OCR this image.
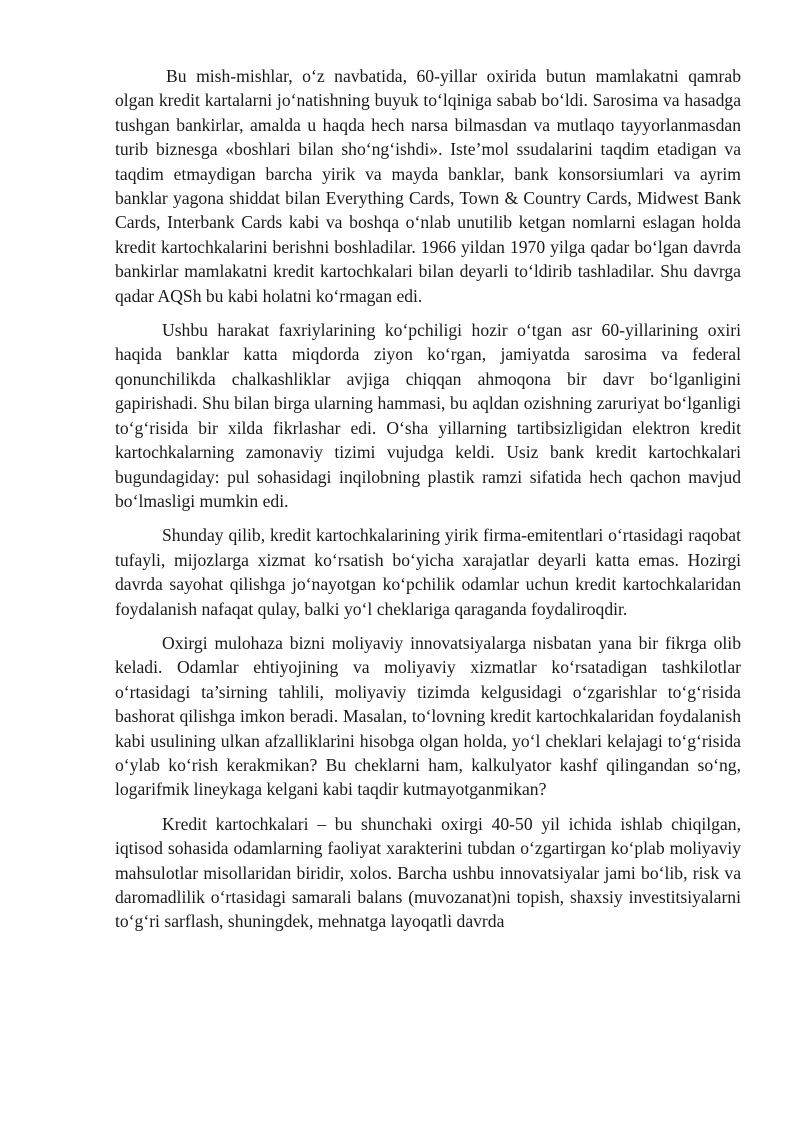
Bu mish-mishlar, o‘z navbatida, 60-yillar oxirida butun mamlakatni qamrab olgan kredit kartalarni jo‘natishning buyuk to‘lqiniga sabab bo‘ldi. Sarosima va hasadga tushgan bankirlar, amalda u haqda hech narsa bilmasdan va mutlaqo tayyorlanmasdan turib biznesga «boshlari bilan sho‘ng‘ishdi». Iste’mol ssudalarini taqdim etadigan va taqdim etmaydigan barcha yirik va mayda banklar, bank konsorsiumlari va ayrim banklar yagona shiddat bilan Everything Cards, Town & Country Cards, Midwest Bank Cards, Interbank Cards kabi va boshqa o‘nlab unutilib ketgan nomlarni eslagan holda kredit kartochkalarini berishni boshladilar. 1966 yildan 1970 yilga qadar bo‘lgan davrda bankirlar mamlakatni kredit kartochkalari bilan deyarli to‘ldirib tashladilar. Shu davrga qadar AQSh bu kabi holatni ko‘rmagan edi.

Ushbu harakat faxriylarining ko‘pchiligi hozir o‘tgan asr 60-yillarining oxiri haqida banklar katta miqdorda ziyon ko‘rgan, jamiyatda sarosima va federal qonunchilikda chalkashliklar avjiga chiqqan ahmoqona bir davr bo‘lganligini gapirishadi. Shu bilan birga ularning hammasi, bu aqldan ozishning zaruriyat bo‘lganligi to‘g‘risida bir xilda fikrlashar edi. O‘sha yillarning tartibsizligidan elektron kredit kartochkalarning zamonaviy tizimi vujudga keldi. Usiz bank kredit kartochkalari bugundagiday: pul sohasidagi inqilobning plastik ramzi sifatida hech qachon mavjud bo‘lmasligi mumkin edi.

Shunday qilib, kredit kartochkalarining yirik firma-emitentlari o‘rtasidagi raqobat tufayli, mijozlarga xizmat ko‘rsatish bo‘yicha xarajatlar deyarli katta emas. Hozirgi davrda sayohat qilishga jo‘nayotgan ko‘pchilik odamlar uchun kredit kartochkalaridan foydalanish nafaqat qulay, balki yo‘l cheklariga qaraganda foydaliroqdir.

Oxirgi mulohaza bizni moliyaviy innovatsiyalarga nisbatan yana bir fikrga olib keladi. Odamlar ehtiyojining va moliyaviy xizmatlar ko‘rsatadigan tashkilotlar o‘rtasidagi ta’sirning tahlili, moliyaviy tizimda kelgusidagi o‘zgarishlar to‘g‘risida bashorat qilishga imkon beradi. Masalan, to‘lovning kredit kartochkalaridan foydalanish kabi usulining ulkan afzalliklarini hisobga olgan holda, yo‘l cheklari kelajagi to‘g‘risida o‘ylab ko‘rish kerakmikan? Bu cheklarni ham, kalkulyator kashf qilingandan so‘ng, logarifmik lineykaga kelgani kabi taqdir kutmayotganmikan?

Kredit kartochkalari – bu shunchaki oxirgi 40-50 yil ichida ishlab chiqilgan, iqtisod sohasida odamlarning faoliyat xarakterini tubdan o‘zgartirgan ko‘plab moliyaviy mahsulotlar misollaridan biridir, xolos. Barcha ushbu innovatsiyalar jami bo‘lib, risk va daromadlilik o‘rtasidagi samarali balans (muvozanat)ni topish, shaxsiy investitsiyalarni to‘g‘ri sarflash, shuningdek, mehnatga layoqatli davrda
